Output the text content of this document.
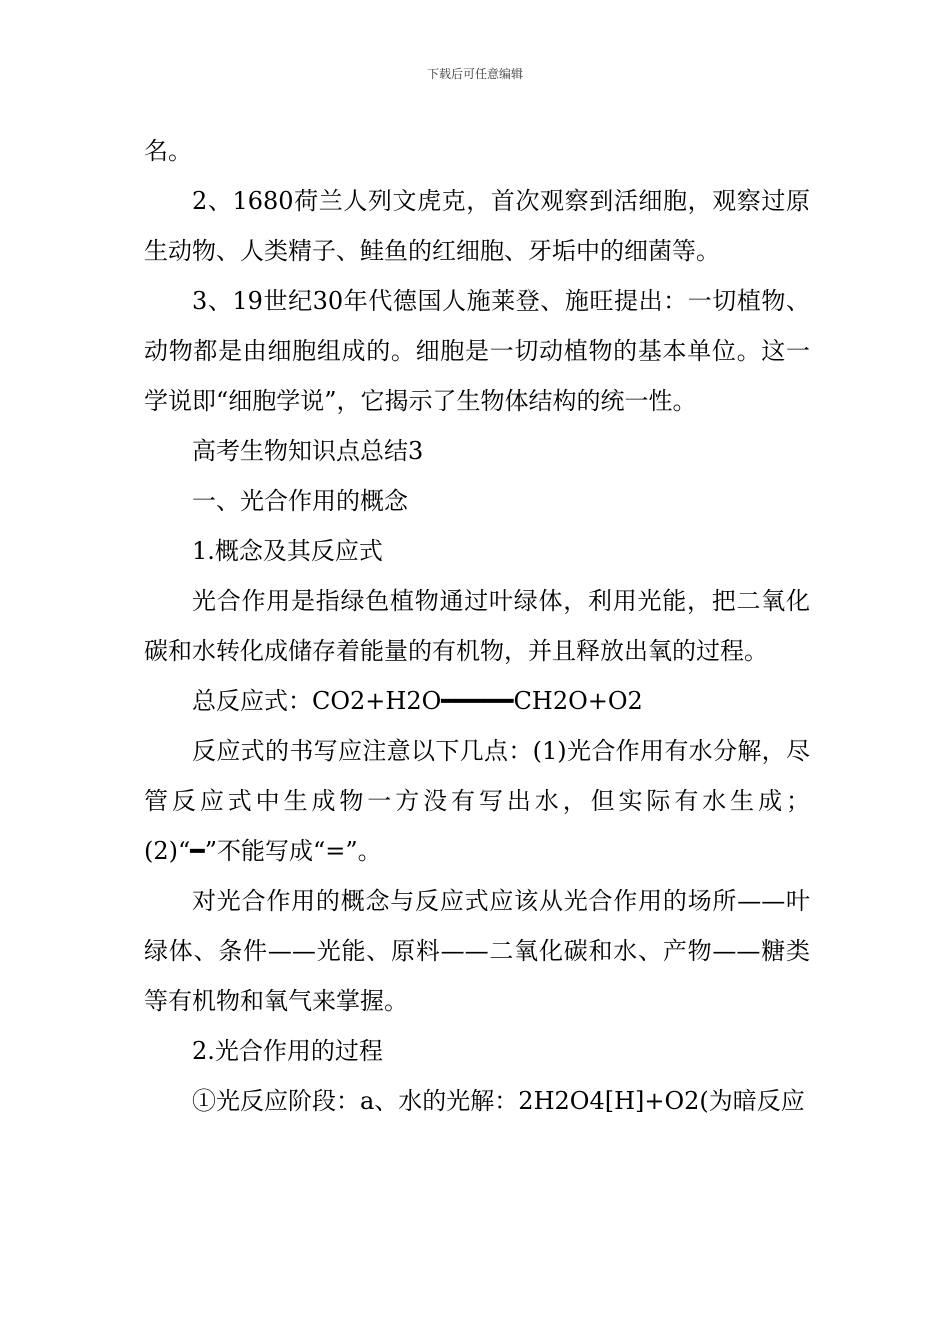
下载后可任意编辑

名。

2、1680荷兰人列文虎克，首次观察到活细胞，观察过原生动物、人类精子、鲑鱼的红细胞、牙垢中的细菌等。

3、19世纪30年代德国人施莱登、施旺提出：一切植物、动物都是由细胞组成的。细胞是一切动植物的基本单位。这一学说即“细胞学说”，它揭示了生物体结构的统一性。

高考生物知识点总结3

一、光合作用的概念

1.概念及其反应式

光合作用是指绿色植物通过叶绿体，利用光能，把二氧化碳和水转化成储存着能量的有机物，并且释放出氧的过程。

总反应式：CO2+H2O━━━━━CH2O+O2

反应式的书写应注意以下几点：(1)光合作用有水分解，尽管反应式中生成物一方没有写出水，但实际有水生成；(2)“━”不能写成“=”。

对光合作用的概念与反应式应该从光合作用的场所——叶绿体、条件——光能、原料——二氧化碳和水、产物——糖类等有机物和氧气来掌握。

2.光合作用的过程

①光反应阶段：a、水的光解：2H2O4[H]+O2(为暗反应
